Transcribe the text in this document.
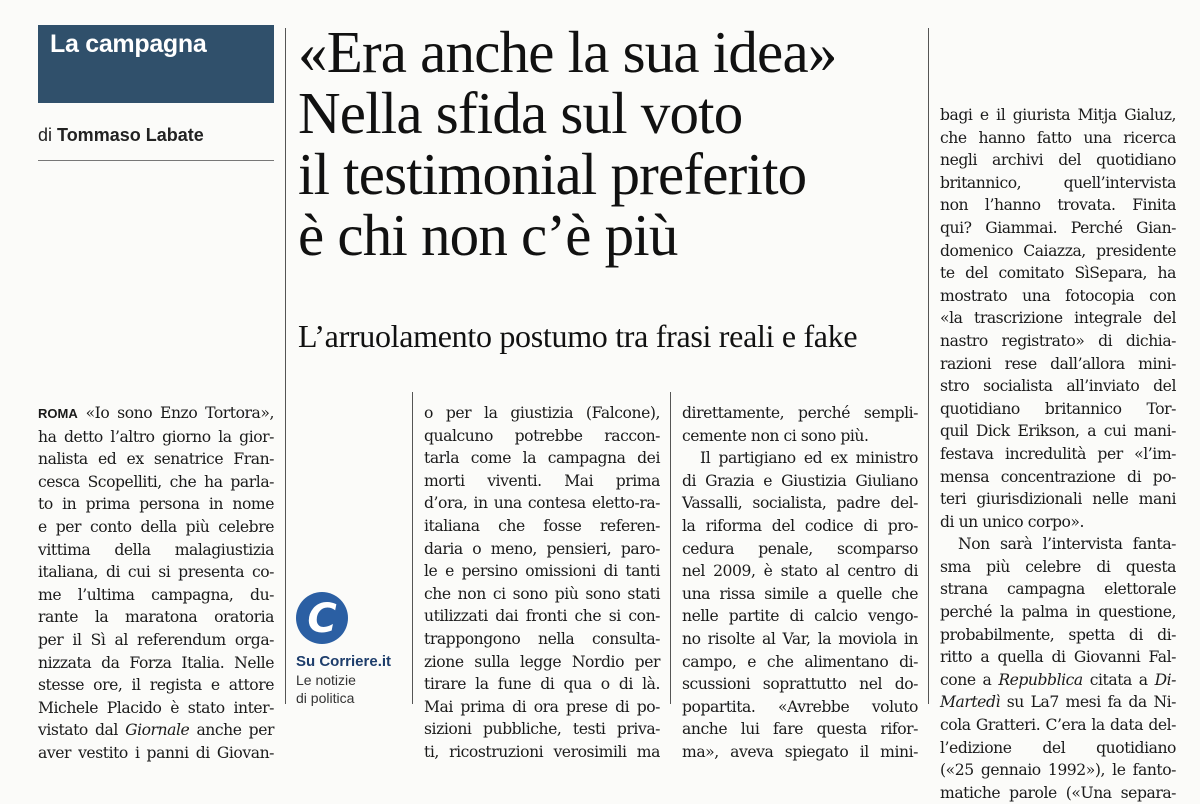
La campagna
di Tommaso Labate
«Era anche la sua idea»
Nella sfida sul voto
il testimonial preferito
è chi non c’è più
L’arruolamento postumo tra frasi reali e fake
ROMA «Io sono Enzo Tortora»,
ha detto l’altro giorno la gior-
nalista ed ex senatrice Fran-
cesca Scopelliti, che ha parla-
to in prima persona in nome
e per conto della più celebre
vittima della malagiustizia
italiana, di cui si presenta co-
me l’ultima campagna, du-
rante la maratona oratoria
per il Sì al referendum orga-
nizzata da Forza Italia. Nelle
stesse ore, il regista e attore
Michele Placido è stato inter-
vistato dal Giornale anche per
aver vestito i panni di Giovan-
o per la giustizia (Falcone),
qualcuno potrebbe raccon-
tarla come la campagna dei
morti viventi. Mai prima
d’ora, in una contesa eletto-ra-
italiana che fosse referen-
daria o meno, pensieri, paro-
le e persino omissioni di tanti
che non ci sono più sono stati
utilizzati dai fronti che si con-
trappongono nella consulta-
zione sulla legge Nordio per
tirare la fune di qua o di là.
Mai prima di ora prese di po-
sizioni pubbliche, testi priva-
ti, ricostruzioni verosimili ma
direttamente, perché sempli-
cemente non ci sono più.
Il partigiano ed ex ministro
di Grazia e Giustizia Giuliano
Vassalli, socialista, padre del-
la riforma del codice di pro-
cedura penale, scomparso
nel 2009, è stato al centro di
una rissa simile a quelle che
nelle partite di calcio vengo-
no risolte al Var, la moviola in
campo, e che alimentano di-
scussioni soprattutto nel do-
popartita. «Avrebbe voluto
anche lui fare questa rifor-
ma», aveva spiegato il mini-
bagi e il giurista Mitja Gialuz,
che hanno fatto una ricerca
negli archivi del quotidiano
britannico, quell’intervista
non l’hanno trovata. Finita
qui? Giammai. Perché Gian-
domenico Caiazza, presidente
te del comitato SìSepara, ha
mostrato una fotocopia con
«la trascrizione integrale del
nastro registrato» di dichia-
razioni rese dall’allora mini-
stro socialista all’inviato del
quotidiano britannico Tor-
quil Dick Erikson, a cui mani-
festava incredulità per «l’im-
mensa concentrazione di po-
teri giurisdizionali nelle mani
di un unico corpo».
Non sarà l’intervista fanta-
sma più celebre di questa
strana campagna elettorale
perché la palma in questione,
probabilmente, spetta di di-
ritto a quella di Giovanni Fal-
cone a Repubblica citata a Di-
Martedì su La7 mesi fa da Ni-
cola Gratteri. C’era la data del-
l’edizione del quotidiano
(«25 gennaio 1992»), le fanto-
matiche parole («Una separa-
C
Su Corriere.it
Le notizie
di politica
